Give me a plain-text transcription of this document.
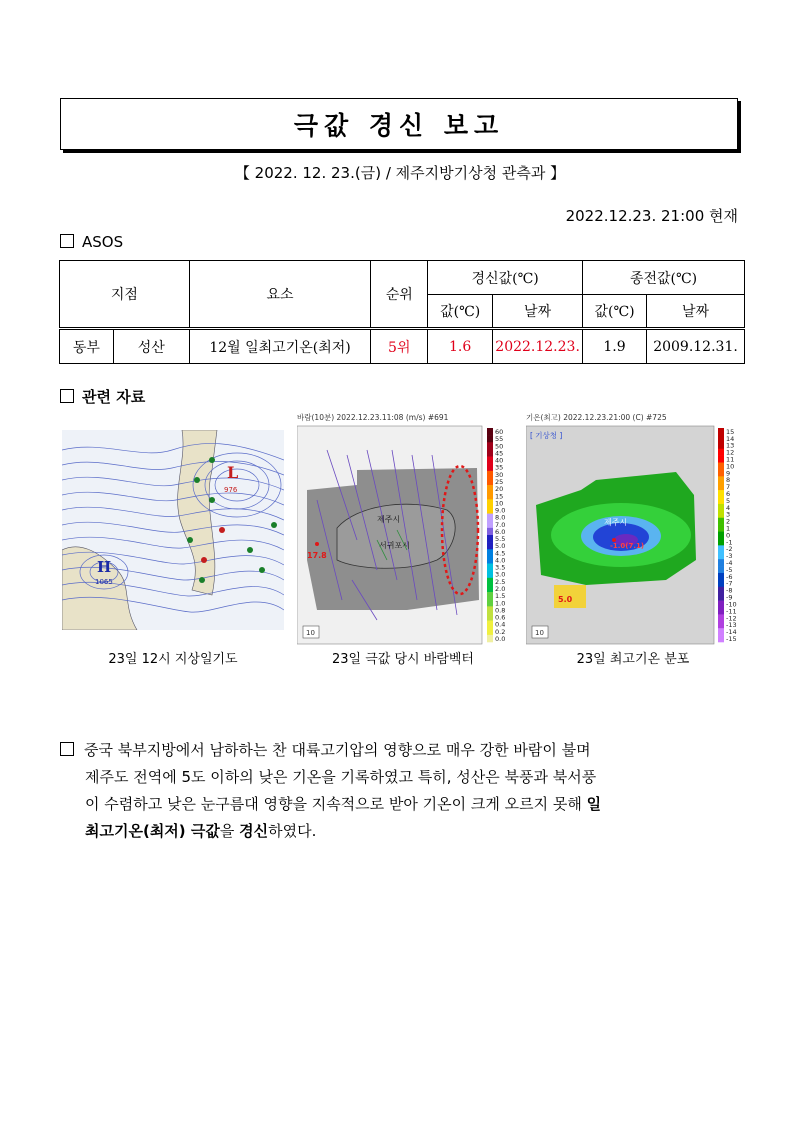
극값 경신 보고
【 2022. 12. 23.(금) / 제주지방기상청 관측과 】
2022.12.23. 21:00 현재
ASOS
지점		요소	순위	경신값(℃)		종전값(℃)	
				값(℃)	날짜	값(℃)	날짜
동부	성산	12월 일최고기온(최저)	5위	1.6	2022.12.23.	1.9	2009.12.31.
관련 자료
L
976
H
1065
23일 12시 지상일기도
바람(10분) 2022.12.23.11:08 (m/s) #691
제주시
서귀포시
17.8
10
60
55
50
45
40
35
30
25
20
15
10
9.0
8.0
7.0
6.0
5.5
5.0
4.5
4.0
3.5
3.0
2.5
2.0
1.5
1.0
0.8
0.6
0.4
0.2
0.0
23일 극값 당시 바람벡터
기온(최고) 2022.12.23.21:00 (C) #725
[ 기상청 ]
제주시
-1.0(7.1)
5.0
10
15
14
13
12
11
10
9
8
7
6
5
4
3
2
1
0
-1
-2
-3
-4
-5
-6
-7
-8
-9
-10
-11
-12
-13
-14
-15
23일 최고기온 분포
중국 북부지방에서 남하하는 찬 대륙고기압의 영향으로 매우 강한 바람이 불며
제주도 전역에 5도 이하의 낮은 기온을 기록하였고 특히, 성산은 북풍과 북서풍
이 수렴하고 낮은 눈구름대 영향을 지속적으로 받아 기온이 크게 오르지 못해 일
최고기온(최저) 극값을 경신하였다.
